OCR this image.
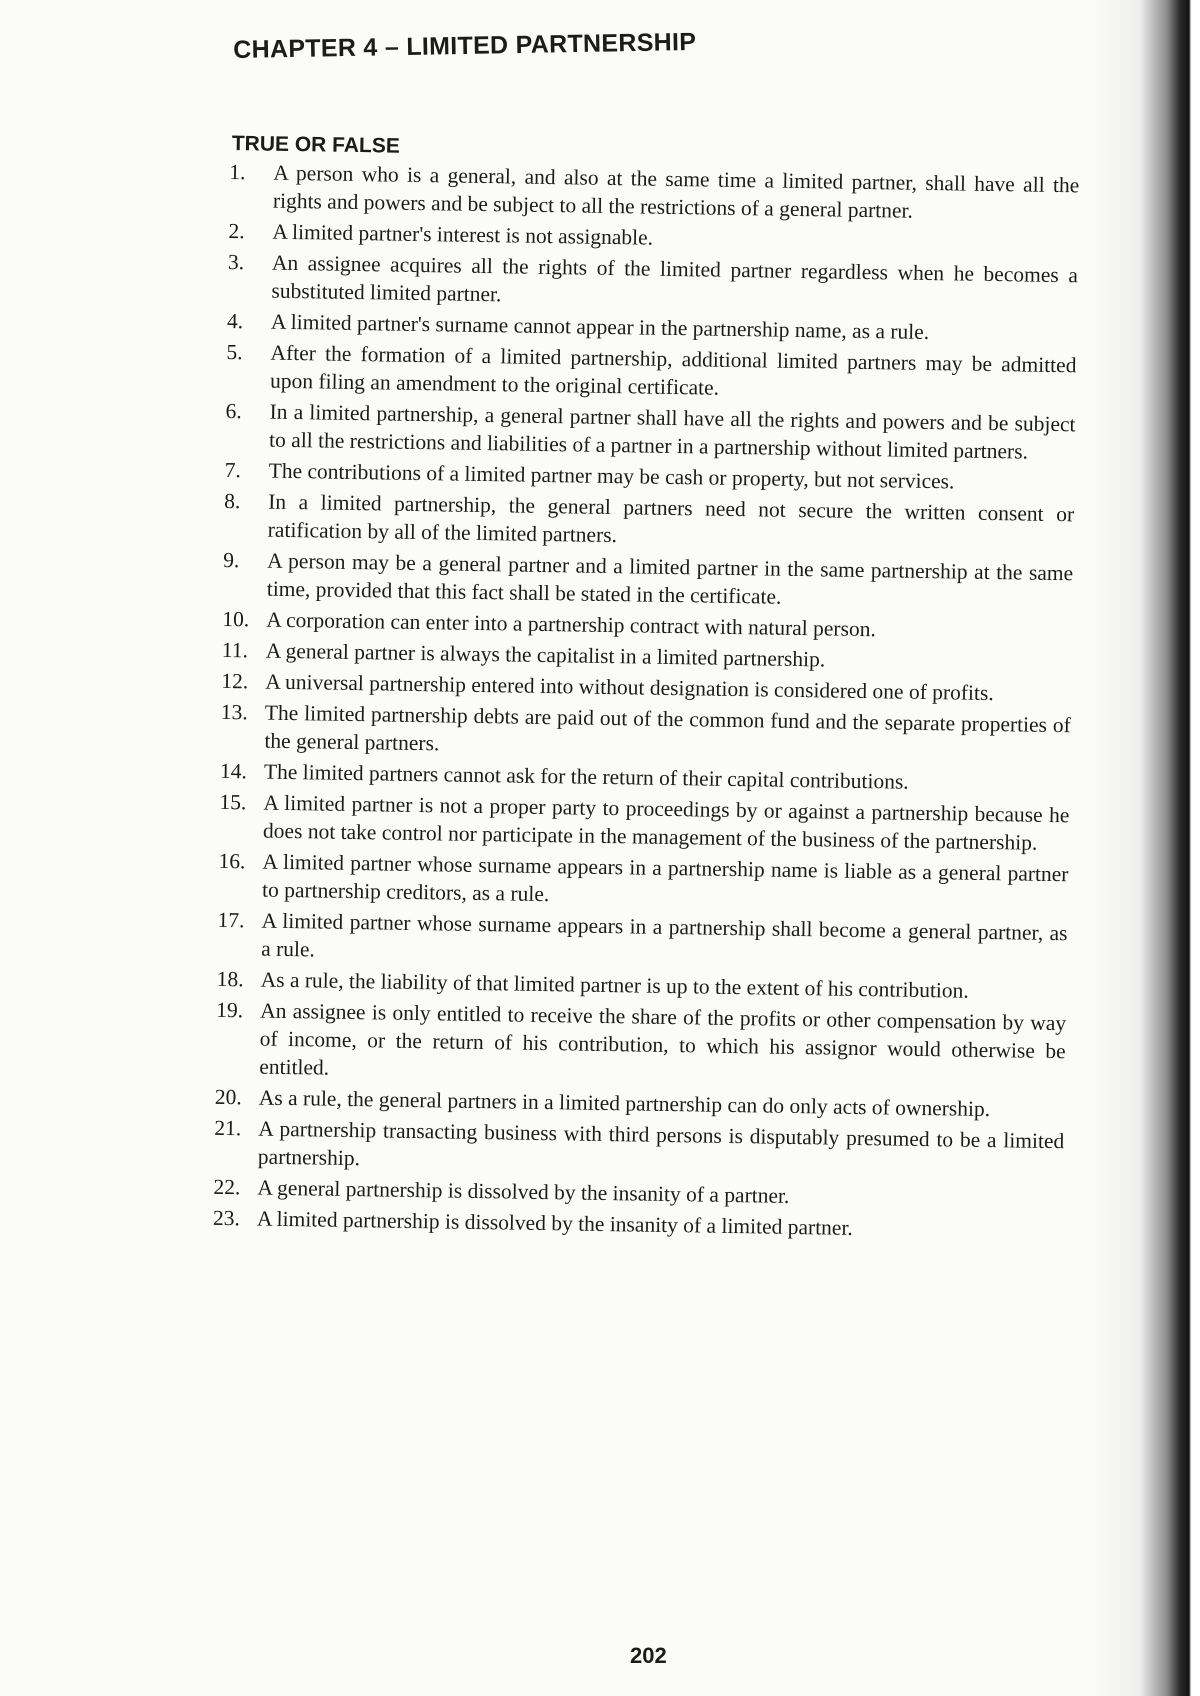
CHAPTER 4 – LIMITED PARTNERSHIP
TRUE OR FALSE
1.	A person who is a general, and also at the same time a limited partner, shall have all the rights and powers and be subject to all the restrictions of a general partner.
2.	A limited partner's interest is not assignable.
3.	An assignee acquires all the rights of the limited partner regardless when he becomes a substituted limited partner.
4.	A limited partner's surname cannot appear in the partnership name, as a rule.
5.	After the formation of a limited partnership, additional limited partners may be admitted upon filing an amendment to the original certificate.
6.	In a limited partnership, a general partner shall have all the rights and powers and be subject to all the restrictions and liabilities of a partner in a partnership without limited partners.
7.	The contributions of a limited partner may be cash or property, but not services.
8.	In a limited partnership, the general partners need not secure the written consent or ratification by all of the limited partners.
9.	A person may be a general partner and a limited partner in the same partnership at the same time, provided that this fact shall be stated in the certificate.
10. A corporation can enter into a partnership contract with natural person.
11. A general partner is always the capitalist in a limited partnership.
12. A universal partnership entered into without designation is considered one of profits.
13. The limited partnership debts are paid out of the common fund and the separate properties of the general partners.
14. The limited partners cannot ask for the return of their capital contributions.
15. A limited partner is not a proper party to proceedings by or against a partnership because he does not take control nor participate in the management of the business of the partnership.
16. A limited partner whose surname appears in a partnership name is liable as a general partner to partnership creditors, as a rule.
17. A limited partner whose surname appears in a partnership shall become a general partner, as a rule.
18. As a rule, the liability of that limited partner is up to the extent of his contribution.
19. An assignee is only entitled to receive the share of the profits or other compensation by way of income, or the return of his contribution, to which his assignor would otherwise be entitled.
20. As a rule, the general partners in a limited partnership can do only acts of ownership.
21. A partnership transacting business with third persons is disputably presumed to be a limited partnership.
22. A general partnership is dissolved by the insanity of a partner.
23. A limited partnership is dissolved by the insanity of a limited partner.
202
